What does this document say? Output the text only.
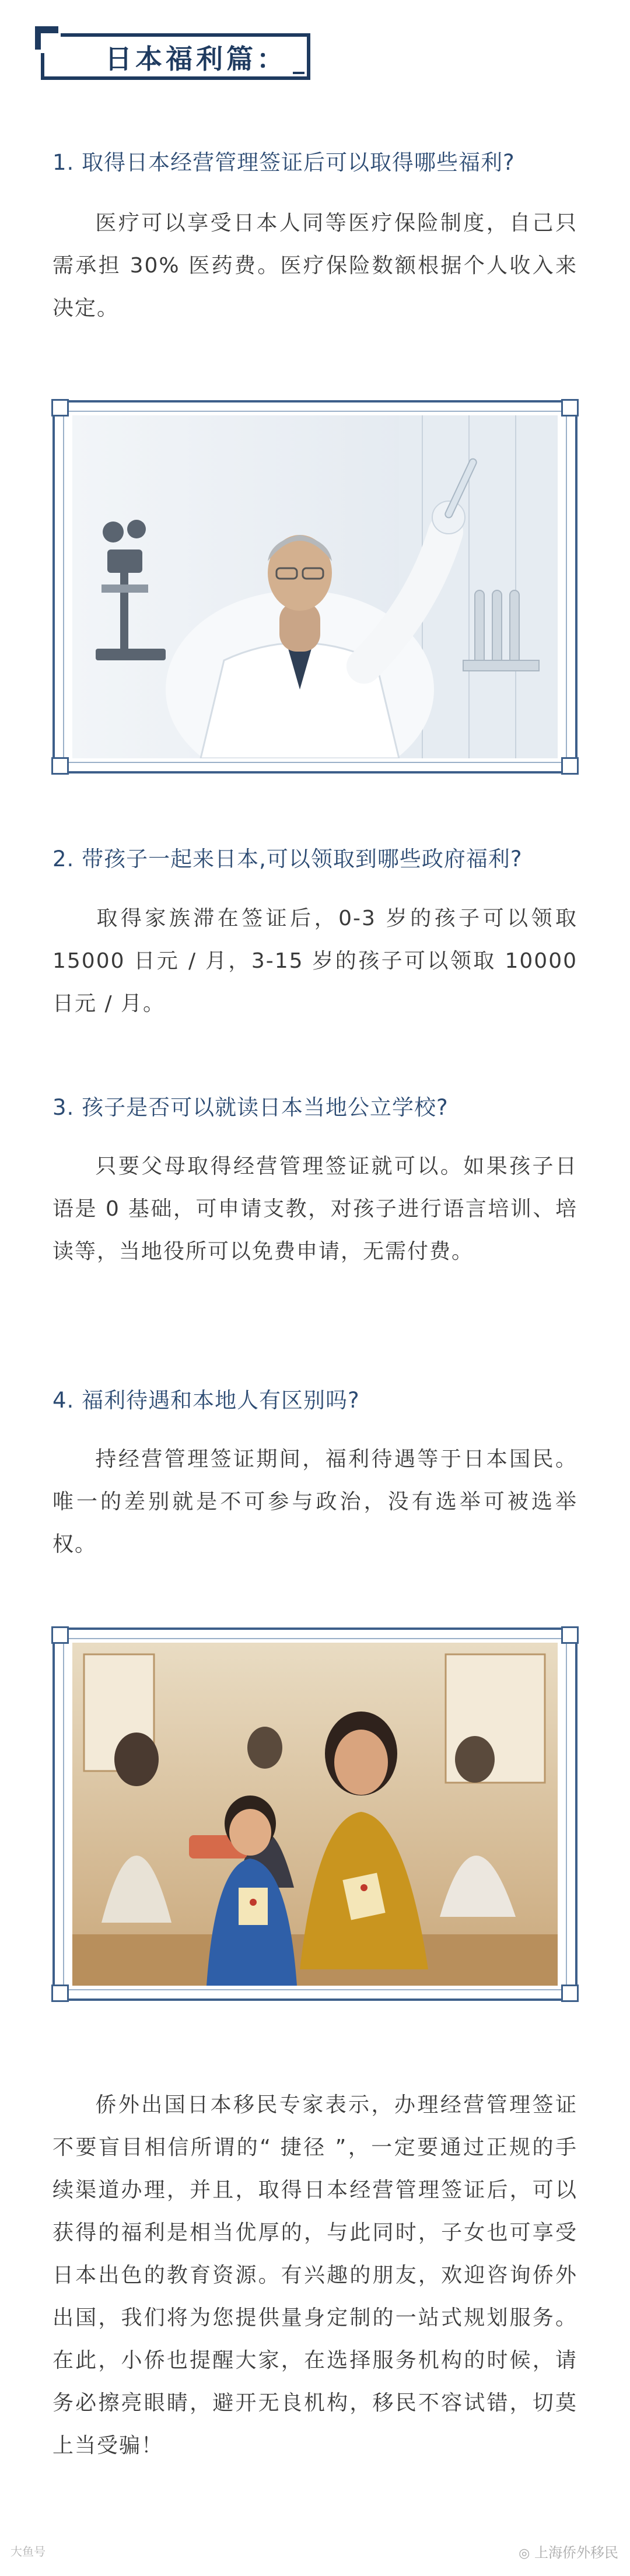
日本福利篇：
1. 取得日本经营管理签证后可以取得哪些福利?
医疗可以享受日本人同等医疗保险制度，自己只需承担 30% 医药费。医疗保险数额根据个人收入来决定。
2. 带孩子一起来日本,可以领取到哪些政府福利?
取得家族滞在签证后，0-3 岁的孩子可以领取 15000 日元 / 月，3-15 岁的孩子可以领取 10000 日元 / 月。
3. 孩子是否可以就读日本当地公立学校?
只要父母取得经营管理签证就可以。如果孩子日语是 0 基础，可申请支教，对孩子进行语言培训、培读等，当地役所可以免费申请，无需付费。
4. 福利待遇和本地人有区别吗?
持经营管理签证期间，福利待遇等于日本国民。唯一的差别就是不可参与政治，没有选举可被选举权。
侨外出国日本移民专家表示，办理经营管理签证不要盲目相信所谓的“ 捷径 ”，一定要通过正规的手续渠道办理，并且，取得日本经营管理签证后，可以获得的福利是相当优厚的，与此同时，子女也可享受日本出色的教育资源。有兴趣的朋友，欢迎咨询侨外出国，我们将为您提供量身定制的一站式规划服务。在此，小侨也提醒大家，在选择服务机构的时候，请务必擦亮眼睛，避开无良机构，移民不容试错，切莫上当受骗！
大鱼号	◎ 上海侨外移民
